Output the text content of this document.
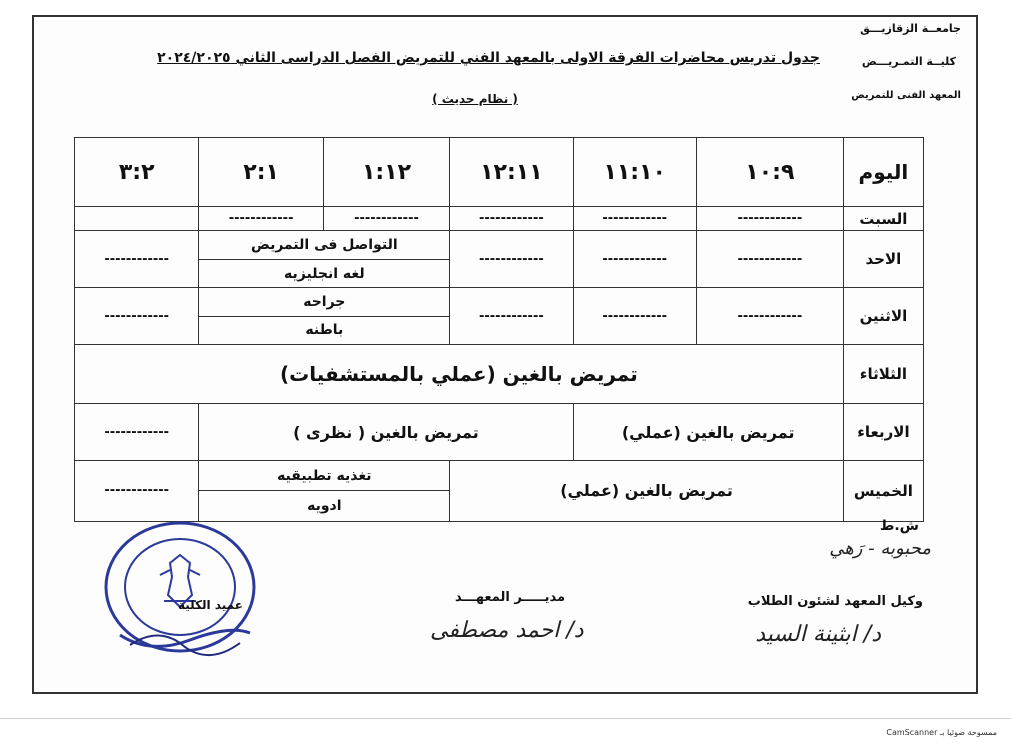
جامعــة الزقازيـــق
كليــة التمـريـــض
المعهد الفنى للتمريض
جدول تدريس محاضرات الفرقة الاولى بالمعهد الفني للتمريض الفصل الدراسى الثاني ٢٠٢٤/٢٠٢٥
( نظام حديث )
اليوم	١٠:٩	١١:١٠	١٢:١١	١:١٢	٢:١	٣:٢
السبت	------------	------------	------------	------------	------------	
الاحد	------------	------------	------------	التواصل فى التمريض		------------
				لغه انجليزيه		
الاثنين	------------	------------	------------	جراحه		------------
				باطنه		
الثلاثاء	تمريض بالغين (عملي بالمستشفيات)					
الاربعاء	تمريض بالغين (عملي)		تمريض بالغين ( نظرى )			------------
الخميس	تمريض بالغين (عملي)			تغذيه تطبيقيه		------------
				ادويه		
ش.ط
محبوبه - رَهي
وكيل المعهد لشئون الطلاب
د/ ابثينة السيد
مديـــــر المعهـــد
د/ احمد مصطفى
عميد الكلية
ممسوحة ضوئيا بـ CamScanner
